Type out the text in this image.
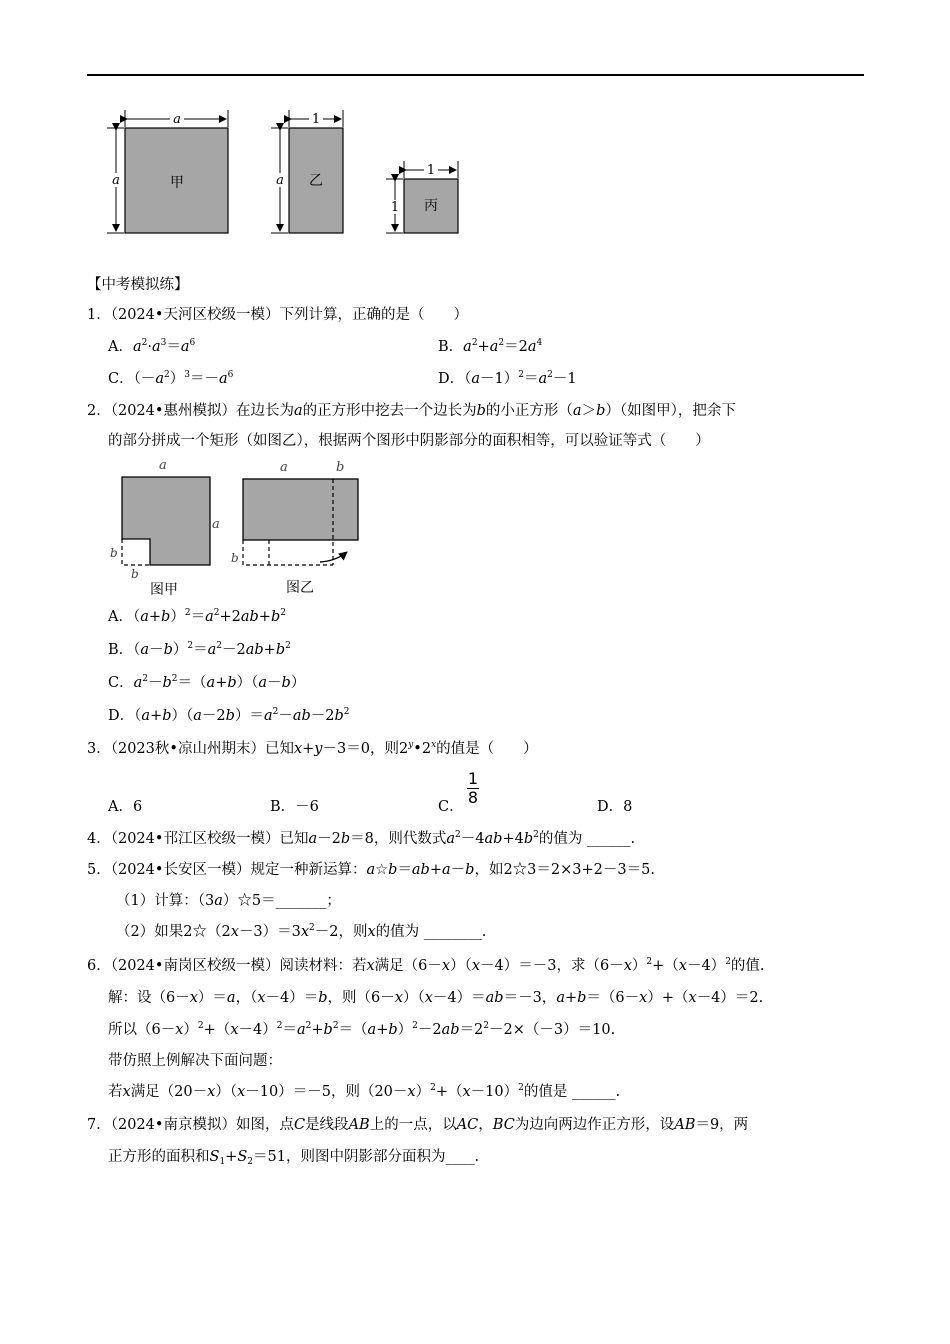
a
a	甲
1
a 乙
1
1 丙
【中考模拟练】
1．（2024•天河区校级一模）下列计算，正确的是（　　）
A．$a^2\cdot a^3=a^6$	B．$a^2+a^2=2a^4$
C．$(-a^2)^3=-a^6$	D．$(a-1)^2=a^2-1$
2．（2024•惠州模拟）在边长为a的正方形中挖去一个边长为b的小正方形（a＞b）（如图甲），把余下
的部分拼成一个矩形（如图乙），根据两个图形中阴影部分的面积相等，可以验证等式（　　）
a
a
b
b
图甲
a	b
b
图乙
A．$(a+b)^2=a^2+2ab+b^2$
B．$(a-b)^2=a^2-2ab+b^2$
C．$a^2-b^2=(a+b)(a-b)$
D．$(a+b)(a-2b)=a^2-ab-2b^2$
3．（2023秋•凉山州期末）已知x+y－3＝0，则2$^y$•2$^x$的值是（　　）
A．6	B．－6	C．
1
8	D．8
4．（2024•邗江区校级一模）已知a－2b＝8，则代数式$a^2-4ab+4b^2$的值为 ______.
5．（2024•长安区一模）规定一种新运算：a☆b＝ab+a－b，如2☆3＝2×3+2－3＝5.
（1）计算：（3a）☆5＝_______；
（2）如果$2☆(2x-3)=3x^2-2$，则x的值为 ________.
6．（2024•南岗区校级一模）阅读材料：若x满足（6－x）（x－4）＝－3，求$(6-x)^2+(x-4)^2$的值.
解：设（6－x）＝a，（x－4）＝b，则（6－x）（x－4）＝ab＝－3，a+b＝（6－x）+（x－4）＝2.
所以$(6-x)^2+(x-4)^2=a^2+b^2=(a+b)^2-2ab=2^2-2\times(-3)=10$.
带仿照上例解决下面问题：
若x满足（20－x）（x－10）＝－5，则$(20-x)^2+(x-10)^2$的值是 ______.
7．（2024•南京模拟）如图，点C是线段AB上的一点，以AC，BC为边向两边作正方形，设AB＝9，两
正方形的面积和$S_1+S_2=51$，则图中阴影部分面积为____.
